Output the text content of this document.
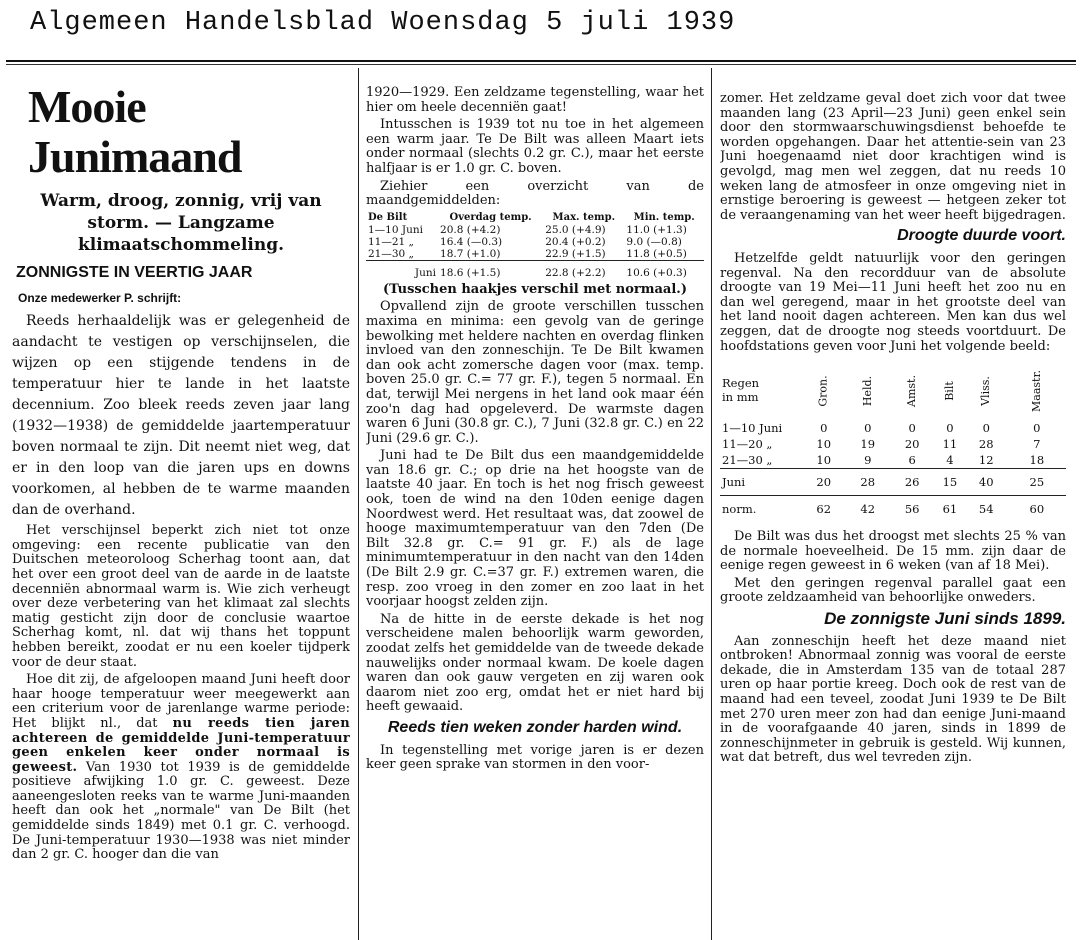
Algemeen Handelsblad Woensdag 5 juli 1939
Mooie Junimaand
Warm, droog, zonnig, vrij van storm. — Langzame klimaatschommeling.
ZONNIGSTE IN VEERTIG JAAR
Onze medewerker P. schrijft:

Reeds herhaaldelijk was er gelegenheid de aandacht te vestigen op verschijnselen, die wijzen op een stijgende tendens in de temperatuur hier te lande in het laatste decennium. Zoo bleek reeds zeven jaar lang (1932—1938) de gemiddelde jaartemperatuur boven normaal te zijn. Dit neemt niet weg, dat er in den loop van die jaren ups en downs voorkomen, al hebben de te warme maanden dan de overhand.

Het verschijnsel beperkt zich niet tot onze omgeving: een recente publicatie van den Duitschen meteoroloog Scherhag toont aan, dat het over een groot deel van de aarde in de laatste decenniën abnormaal warm is. Wie zich verheugt over deze verbetering van het klimaat zal slechts matig gesticht zijn door de conclusie waartoe Scherhag komt, nl. dat wij thans het toppunt hebben bereikt, zoodat er nu een koeler tijdperk voor de deur staat.

Hoe dit zij, de afgeloopen maand Juni heeft door haar hooge temperatuur weer meegewerkt aan een criterium voor de jarenlange warme periode: Het blijkt nl., dat nu reeds tien jaren achtereen de gemiddelde Juni-temperatuur geen enkelen keer onder normaal is geweest. Van 1930 tot 1939 is de gemiddelde positieve afwijking 1.0 gr. C. geweest. Deze aaneengesloten reeks van te warme Juni-maanden heeft dan ook het „normale" van De Bilt (het gemiddelde sinds 1849) met 0.1 gr. C. verhoogd. De Juni-temperatuur 1930—1938 was niet minder dan 2 gr. C. hooger dan die van

1920—1929. Een zeldzame tegenstelling, waar het hier om heele decenniën gaat!

Intusschen is 1939 tot nu toe in het algemeen een warm jaar. Te De Bilt was alleen Maart iets onder normaal (slechts 0.2 gr. C.), maar het eerste halfjaar is er 1.0 gr. C. boven.

Ziehier een overzicht van de maandgemiddelden:

De Bilt	Overdag temp.	Max. temp.	Min. temp.
1—10 Juni	20.8 (+4.2)	25.0 (+4.9)	11.0 (+1.3)
11—21 „	16.4 (—0.3)	20.4 (+0.2)	9.0 (—0.8)
21—30 „	18.7 (+1.0)	22.9 (+1.5)	11.8 (+0.5)
Juni	18.6 (+1.5)	22.8 (+2.2)	10.6 (+0.3)

(Tusschen haakjes verschil met normaal.)

Opvallend zijn de groote verschillen tusschen maxima en minima: een gevolg van de geringe bewolking met heldere nachten en overdag flinken invloed van den zonneschijn. Te De Bilt kwamen dan ook acht zomersche dagen voor (max. temp. boven 25.0 gr. C.= 77 gr. F.), tegen 5 normaal. En dat, terwijl Mei nergens in het land ook maar één zoo'n dag had opgeleverd. De warmste dagen waren 6 Juni (30.8 gr. C.), 7 Juni (32.8 gr. C.) en 22 Juni (29.6 gr. C.).

Juni had te De Bilt dus een maandgemiddelde van 18.6 gr. C.; op drie na het hoogste van de laatste 40 jaar. En toch is het nog frisch geweest ook, toen de wind na den 10den eenige dagen Noordwest werd. Het resultaat was, dat zoowel de hooge maximumtemperatuur van den 7den (De Bilt 32.8 gr. C.= 91 gr. F.) als de lage minimumtemperatuur in den nacht van den 14den (De Bilt 2.9 gr. C.=37 gr. F.) extremen waren, die resp. zoo vroeg in den zomer en zoo laat in het voorjaar hoogst zelden zijn.

Na de hitte in de eerste dekade is het nog verscheidene malen behoorlijk warm geworden, zoodat zelfs het gemiddelde van de tweede dekade nauwelijks onder normaal kwam. De koele dagen waren dan ook gauw vergeten en zij waren ook daarom niet zoo erg, omdat het er niet hard bij heeft gewaaid.

Reeds tien weken zonder harden wind.

In tegenstelling met vorige jaren is er dezen keer geen sprake van stormen in den voor-

zomer. Het zeldzame geval doet zich voor dat twee maanden lang (23 April—23 Juni) geen enkel sein door den stormwaarschuwingsdienst behoefde te worden opgehangen. Daar het attentie-sein van 23 Juni hoegenaamd niet door krachtigen wind is gevolgd, mag men wel zeggen, dat nu reeds 10 weken lang de atmosfeer in onze omgeving niet in ernstige beroering is geweest — hetgeen zeker tot de veraangenaming van het weer heeft bijgedragen.

Droogte duurde voort.

Hetzelfde geldt natuurlijk voor den geringen regenval. Na den recordduur van de absolute droogte van 19 Mei—11 Juni heeft het zoo nu en dan wel geregend, maar in het grootste deel van het land nooit dagen achtereen. Men kan dus wel zeggen, dat de droogte nog steeds voortduurt. De hoofdstations geven voor Juni het volgende beeld:

Regen
in mm	Gron.	Held.	Amst.	Bilt	Vliss.	Maastr.
1—10 Juni	0	0	0	0	0	0
11—20 „	10	19	20	11	28	7
21—30 „	10	9	6	4	12	18
Juni	20	28	26	15	40	25
norm.	62	42	56	61	54	60

De Bilt was dus het droogst met slechts 25 % van de normale hoeveelheid. De 15 mm. zijn daar de eenige regen geweest in 6 weken (van af 18 Mei).

Met den geringen regenval parallel gaat een groote zeldzaamheid van behoorlijke onweders.

De zonnigste Juni sinds 1899.

Aan zonneschijn heeft het deze maand niet ontbroken! Abnormaal zonnig was vooral de eerste dekade, die in Amsterdam 135 van de totaal 287 uren op haar portie kreeg. Doch ook de rest van de maand had een teveel, zoodat Juni 1939 te De Bilt met 270 uren meer zon had dan eenige Juni-maand in de voorafgaande 40 jaren, sinds in 1899 de zonneschijnmeter in gebruik is gesteld. Wij kunnen, wat dat betreft, dus wel tevreden zijn.
